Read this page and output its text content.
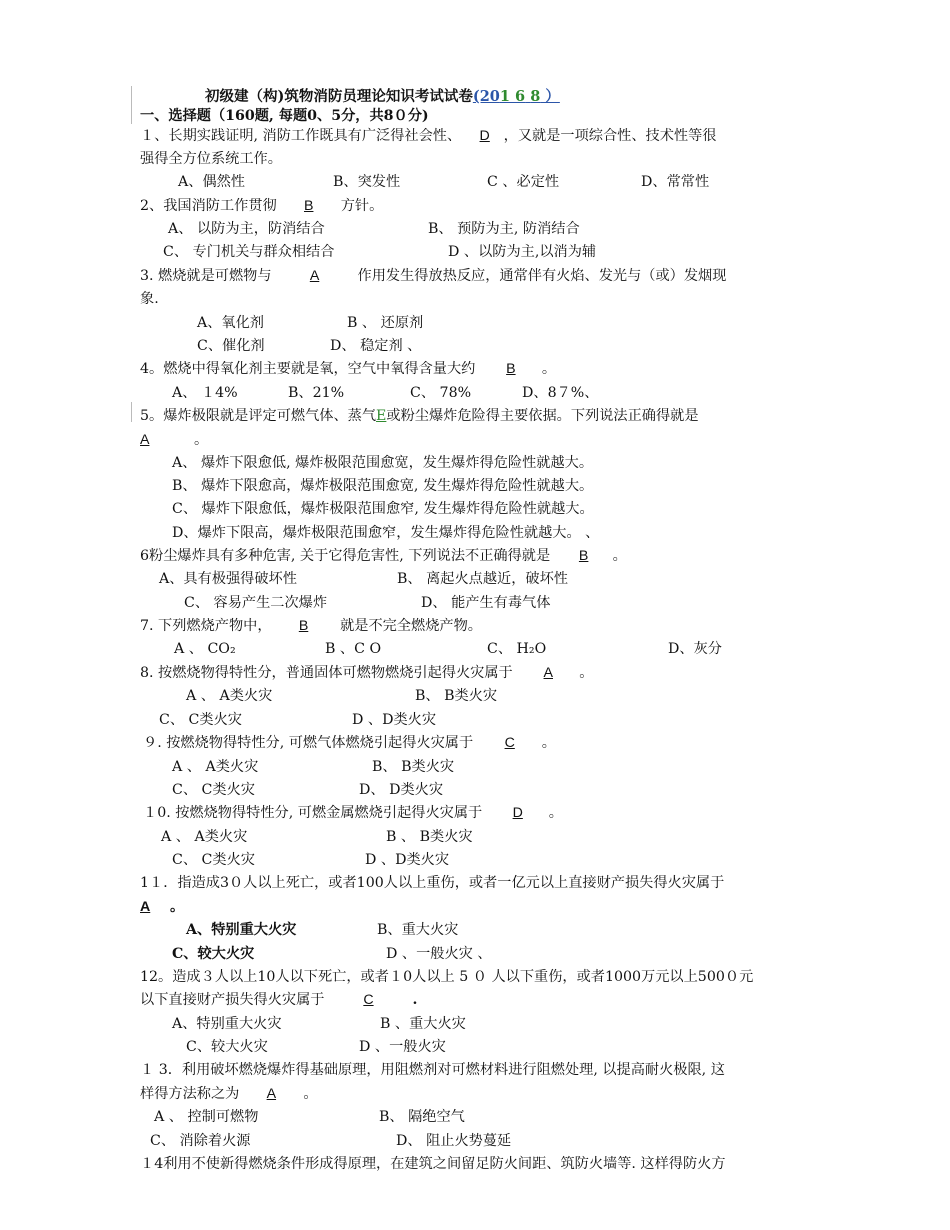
初级建（构)筑物消防员理论知识考试试卷(201 6 8 ）
一、选择题（160题, 每题0、5分，共8０分)
１、长期实践证明, 消防工作既具有广泛得社会性、 D ，又就是一项综合性、技术性等很
强得全方位系统工作。
A、偶然性	B、突发性	C 、必定性	D、常常性
2、我国消防工作贯彻 B 方针。
A、 以防为主，防消结合	B、 预防为主, 防消结合
C、 专门机关与群众相结合	D 、以防为主,以消为辅
3. 燃烧就是可燃物与	A	作用发生得放热反应，通常伴有火焰、发光与（或）发烟现
象.
A、氧化剂	B 、 还原剂
C、催化剂	D、 稳定剂 、
4。燃烧中得氧化剂主要就是氧，空气中氧得含量大约 B 。
A、 １4%	B、21%	C、 78%	D、8７%、
5。爆炸极限就是评定可燃气体、蒸气E或粉尘爆炸危险得主要依据。下列说法正确得就是
A	。
A、 爆炸下限愈低, 爆炸极限范围愈宽，发生爆炸得危险性就越大。
B、 爆炸下限愈高，爆炸极限范围愈宽, 发生爆炸得危险性就越大。
C、 爆炸下限愈低，爆炸极限范围愈窄, 发生爆炸得危险性就越大。
D、爆炸下限高，爆炸极限范围愈窄，发生爆炸得危险性就越大。 、
6粉尘爆炸具有多种危害, 关于它得危害性, 下列说法不正确得就是 B 。
A、具有极强得破坏性	B、 离起火点越近，破坏性
C、 容易产生二次爆炸	D、 能产生有毒气体
7. 下列燃烧产物中， B 就是不完全燃烧产物。
A 、 CO₂	B 、C O	C、 H₂O	D、灰分
8. 按燃烧物得特性分，普通固体可燃物燃烧引起得火灾属于 A 。
A 、 A类火灾	B、 B类火灾
C、 C类火灾	D 、D类火灾
９. 按燃烧物得特性分, 可燃气体燃烧引起得火灾属于 C 。
A 、 A类火灾	B、 B类火灾
C、 C类火灾	D、 D类火灾
１0. 按燃烧物得特性分, 可燃金属燃烧引起得火灾属于 D 。
A 、 A类火灾	B 、 B类火灾
C、 C类火灾	D 、D类火灾
1１．指造成3０人以上死亡，或者100人以上重伤，或者一亿元以上直接财产损失得火灾属于
A 。
A、特别重大火灾	B、重大火灾
C、较大火灾	D 、一般火灾 、
12。造成３人以上10人以下死亡，或者１0人以上 5 ０ 人以下重伤，或者1000万元以上500０元
以下直接财产损失得火灾属于	C	.
A、特别重大火灾	B 、重大火灾
C、较大火灾	D 、一般火灾
１ 3．利用破坏燃烧爆炸得基础原理，用阻燃剂对可燃材料进行阻燃处理, 以提高耐火极限, 这
样得方法称之为 A 。
A 、 控制可燃物	B、 隔绝空气
C、 消除着火源	D、 阻止火势蔓延
１4利用不使新得燃烧条件形成得原理，在建筑之间留足防火间距、筑防火墙等. 这样得防火方
